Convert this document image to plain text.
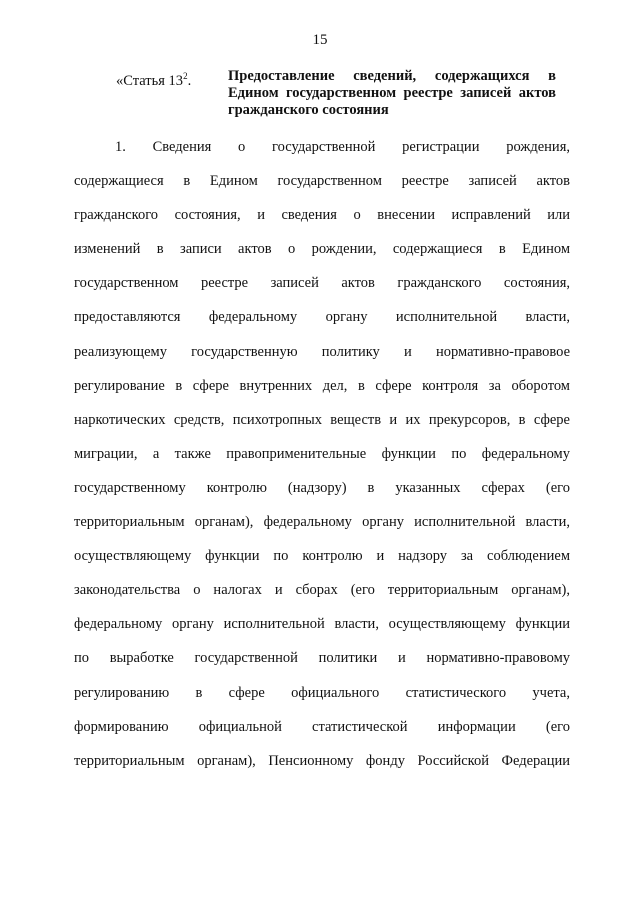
15
«Статья $13^2$.	Предоставление сведений, содержащихся в Едином государственном реестре записей актов гражданского состояния
1. Сведения о государственной регистрации рождения,
содержащиеся в Едином государственном реестре записей актов
гражданского состояния, и сведения о внесении исправлений или
изменений в записи актов о рождении, содержащиеся в Едином
государственном реестре записей актов гражданского состояния,
предоставляются федеральному органу исполнительной власти,
реализующему государственную политику и нормативно-правовое
регулирование в сфере внутренних дел, в сфере контроля за оборотом
наркотических средств, психотропных веществ и их прекурсоров, в сфере
миграции, а также правоприменительные функции по федеральному
государственному контролю (надзору) в указанных сферах (его
территориальным органам), федеральному органу исполнительной власти,
осуществляющему функции по контролю и надзору за соблюдением
законодательства о налогах и сборах (его территориальным органам),
федеральному органу исполнительной власти, осуществляющему функции
по выработке государственной политики и нормативно-правовому
регулированию в сфере официального статистического учета,
формированию официальной статистической информации (его
территориальным органам), Пенсионному фонду Российской Федерации
